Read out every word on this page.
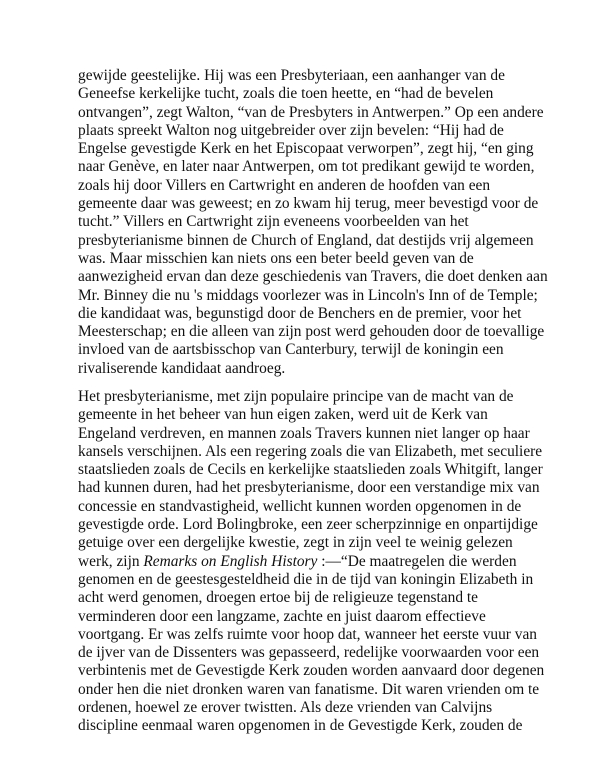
gewijde geestelijke. Hij was een Presbyteriaan, een aanhanger van de
Geneefse kerkelijke tucht, zoals die toen heette, en “had de bevelen
ontvangen”, zegt Walton, “van de Presbyters in Antwerpen.” Op een andere
plaats spreekt Walton nog uitgebreider over zijn bevelen: “Hij had de
Engelse gevestigde Kerk en het Episcopaat verworpen”, zegt hij, “en ging
naar Genève, en later naar Antwerpen, om tot predikant gewijd te worden,
zoals hij door Villers en Cartwright en anderen de hoofden van een
gemeente daar was geweest; en zo kwam hij terug, meer bevestigd voor de
tucht.” Villers en Cartwright zijn eveneens voorbeelden van het
presbyterianisme binnen de Church of England, dat destijds vrij algemeen
was. Maar misschien kan niets ons een beter beeld geven van de
aanwezigheid ervan dan deze geschiedenis van Travers, die doet denken aan
Mr. Binney die nu 's middags voorlezer was in Lincoln's Inn of de Temple;
die kandidaat was, begunstigd door de Benchers en de premier, voor het
Meesterschap; en die alleen van zijn post werd gehouden door de toevallige
invloed van de aartsbisschop van Canterbury, terwijl de koningin een
rivaliserende kandidaat aandroeg.
Het presbyterianisme, met zijn populaire principe van de macht van de
gemeente in het beheer van hun eigen zaken, werd uit de Kerk van
Engeland verdreven, en mannen zoals Travers kunnen niet langer op haar
kansels verschijnen. Als een regering zoals die van Elizabeth, met seculiere
staatslieden zoals de Cecils en kerkelijke staatslieden zoals Whitgift, langer
had kunnen duren, had het presbyterianisme, door een verstandige mix van
concessie en standvastigheid, wellicht kunnen worden opgenomen in de
gevestigde orde. Lord Bolingbroke, een zeer scherpzinnige en onpartijdige
getuige over een dergelijke kwestie, zegt in zijn veel te weinig gelezen
werk, zijn Remarks on English History :—“De maatregelen die werden
genomen en de geestesgesteldheid die in de tijd van koningin Elizabeth in
acht werd genomen, droegen ertoe bij de religieuze tegenstand te
verminderen door een langzame, zachte en juist daarom effectieve
voortgang. Er was zelfs ruimte voor hoop dat, wanneer het eerste vuur van
de ijver van de Dissenters was gepasseerd, redelijke voorwaarden voor een
verbintenis met de Gevestigde Kerk zouden worden aanvaard door degenen
onder hen die niet dronken waren van fanatisme. Dit waren vrienden om te
ordenen, hoewel ze erover twistten. Als deze vrienden van Calvijns
discipline eenmaal waren opgenomen in de Gevestigde Kerk, zouden de
